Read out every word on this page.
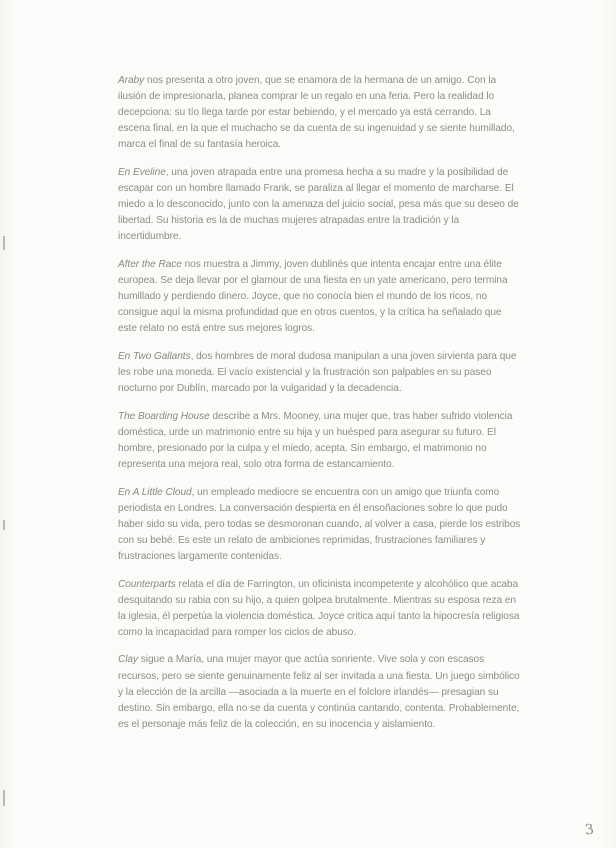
Araby nos presenta a otro joven, que se enamora de la hermana de un amigo. Con la ilusión de impresionarla, planea comprar le un regalo en una feria. Pero la realidad lo decepciona: su tío llega tarde por estar bebiendo, y el mercado ya está cerrando. La escena final, en la que el muchacho se da cuenta de su ingenuidad y se siente humillado, marca el final de su fantasía heroica.

En Eveline, una joven atrapada entre una promesa hecha a su madre y la posibilidad de escapar con un hombre llamado Frank, se paraliza al llegar el momento de marcharse. El miedo a lo desconocido, junto con la amenaza del juicio social, pesa más que su deseo de libertad. Su historia es la de muchas mujeres atrapadas entre la tradición y la incertidumbre.

After the Race nos muestra a Jimmy, joven dublinés que intenta encajar entre una élite europea. Se deja llevar por el glamour de una fiesta en un yate americano, pero termina humillado y perdiendo dinero. Joyce, que no conocía bien el mundo de los ricos, no consigue aquí la misma profundidad que en otros cuentos, y la crítica ha señalado que este relato no está entre sus mejores logros.

En Two Gallants, dos hombres de moral dudosa manipulan a una joven sirvienta para que les robe una moneda. El vacío existencial y la frustración son palpables en su paseo nocturno por Dublín, marcado por la vulgaridad y la decadencia.

The Boarding House describe a Mrs. Mooney, una mujer que, tras haber sufrido violencia doméstica, urde un matrimonio entre su hija y un huésped para asegurar su futuro. El hombre, presionado por la culpa y el miedo, acepta. Sin embargo, el matrimonio no representa una mejora real, solo otra forma de estancamiento.

En A Little Cloud, un empleado mediocre se encuentra con un amigo que triunfa como periodista en Londres. La conversación despierta en él ensoñaciones sobre lo que pudo haber sido su vida, pero todas se desmoronan cuando, al volver a casa, pierde los estribos con su bebé. Es este un relato de ambiciones reprimidas, frustraciones familiares y frustraciones largamente contenidas.

Counterparts relata el día de Farrington, un oficinista incompetente y alcohólico que acaba desquitando su rabia con su hijo, a quien golpea brutalmente. Mientras su esposa reza en la iglesia, él perpetúa la violencia doméstica. Joyce critica aquí tanto la hipocresía religiosa como la incapacidad para romper los ciclos de abuso.

Clay sigue a María, una mujer mayor que actúa sonriente. Vive sola y con escasos recursos, pero se siente genuinamente feliz al ser invitada a una fiesta. Un juego simbólico y la elección de la arcilla —asociada a la muerte en el folclore irlandés— presagian su destino. Sin embargo, ella no se da cuenta y continúa cantando, contenta. Probablemente, es el personaje más feliz de la colección, en su inocencia y aislamiento.

3
